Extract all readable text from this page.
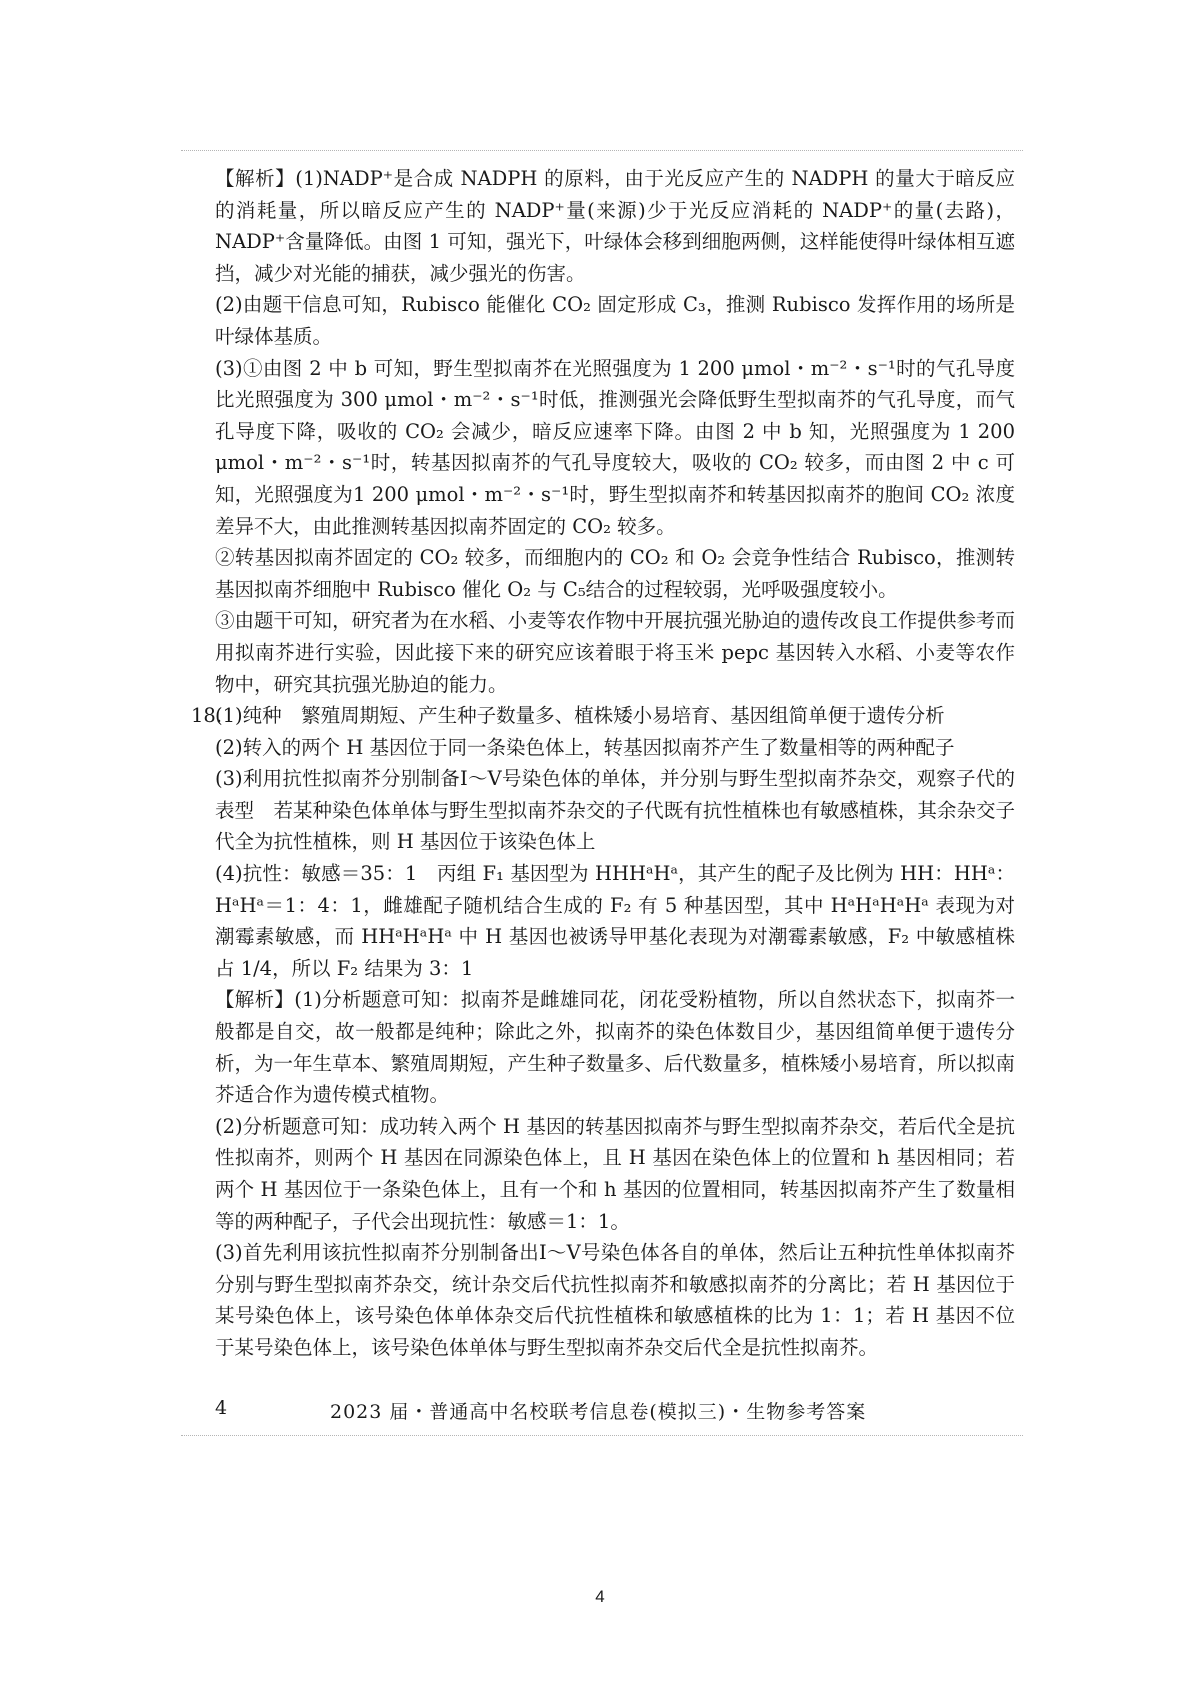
【解析】(1)NADP⁺是合成 NADPH 的原料，由于光反应产生的 NADPH 的量大于暗反应的消耗量，所以暗反应产生的 NADP⁺量(来源)少于光反应消耗的 NADP⁺的量(去路)，NADP⁺含量降低。由图 1 可知，强光下，叶绿体会移到细胞两侧，这样能使得叶绿体相互遮挡，减少对光能的捕获，减少强光的伤害。

(2)由题干信息可知，Rubisco 能催化 CO₂ 固定形成 C₃，推测 Rubisco 发挥作用的场所是叶绿体基质。

(3)①由图 2 中 b 可知，野生型拟南芥在光照强度为 1 200 μmol・m⁻²・s⁻¹时的气孔导度比光照强度为 300 μmol・m⁻²・s⁻¹时低，推测强光会降低野生型拟南芥的气孔导度，而气孔导度下降，吸收的 CO₂ 会减少，暗反应速率下降。由图 2 中 b 知，光照强度为 1 200 μmol・m⁻²・s⁻¹时，转基因拟南芥的气孔导度较大，吸收的 CO₂ 较多，而由图 2 中 c 可知，光照强度为1 200 μmol・m⁻²・s⁻¹时，野生型拟南芥和转基因拟南芥的胞间 CO₂ 浓度差异不大，由此推测转基因拟南芥固定的 CO₂ 较多。

②转基因拟南芥固定的 CO₂ 较多，而细胞内的 CO₂ 和 O₂ 会竞争性结合 Rubisco，推测转基因拟南芥细胞中 Rubisco 催化 O₂ 与 C₅结合的过程较弱，光呼吸强度较小。

③由题干可知，研究者为在水稻、小麦等农作物中开展抗强光胁迫的遗传改良工作提供参考而用拟南芥进行实验，因此接下来的研究应该着眼于将玉米 pepc 基因转入水稻、小麦等农作物中，研究其抗强光胁迫的能力。

18.

(1)纯种　繁殖周期短、产生种子数量多、植株矮小易培育、基因组简单便于遗传分析

(2)转入的两个 H 基因位于同一条染色体上，转基因拟南芥产生了数量相等的两种配子

(3)利用抗性拟南芥分别制备Ⅰ～Ⅴ号染色体的单体，并分别与野生型拟南芥杂交，观察子代的表型　若某种染色体单体与野生型拟南芥杂交的子代既有抗性植株也有敏感植株，其余杂交子代全为抗性植株，则 H 基因位于该染色体上

(4)抗性：敏感＝35：1　丙组 F₁ 基因型为 HHHᵃHᵃ，其产生的配子及比例为 HH：HHᵃ：HᵃHᵃ＝1：4：1，雌雄配子随机结合生成的 F₂ 有 5 种基因型，其中 HᵃHᵃHᵃHᵃ 表现为对潮霉素敏感，而 HHᵃHᵃHᵃ 中 H 基因也被诱导甲基化表现为对潮霉素敏感，F₂ 中敏感植株占 1/4，所以 F₂ 结果为 3：1

【解析】(1)分析题意可知：拟南芥是雌雄同花，闭花受粉植物，所以自然状态下，拟南芥一般都是自交，故一般都是纯种；除此之外，拟南芥的染色体数目少，基因组简单便于遗传分析，为一年生草本、繁殖周期短，产生种子数量多、后代数量多，植株矮小易培育，所以拟南芥适合作为遗传模式植物。

(2)分析题意可知：成功转入两个 H 基因的转基因拟南芥与野生型拟南芥杂交，若后代全是抗性拟南芥，则两个 H 基因在同源染色体上，且 H 基因在染色体上的位置和 h 基因相同；若两个 H 基因位于一条染色体上，且有一个和 h 基因的位置相同，转基因拟南芥产生了数量相等的两种配子，子代会出现抗性：敏感＝1：1。

(3)首先利用该抗性拟南芥分别制备出Ⅰ～Ⅴ号染色体各自的单体，然后让五种抗性单体拟南芥分别与野生型拟南芥杂交，统计杂交后代抗性拟南芥和敏感拟南芥的分离比；若 H 基因位于某号染色体上，该号染色体单体杂交后代抗性植株和敏感植株的比为 1：1；若 H 基因不位于某号染色体上，该号染色体单体与野生型拟南芥杂交后代全是抗性拟南芥。

4	2023 届・普通高中名校联考信息卷(模拟三)・生物参考答案
4
